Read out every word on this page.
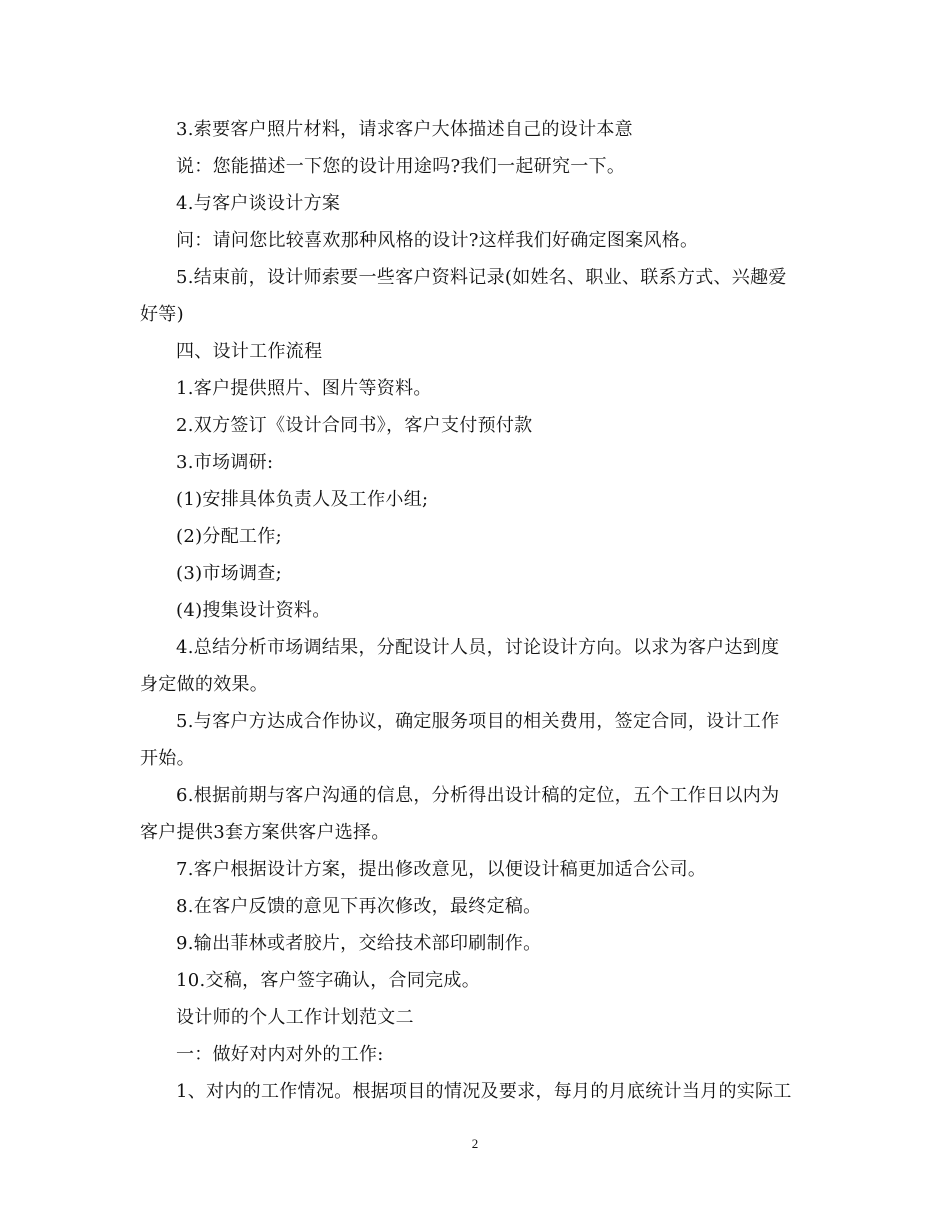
3.索要客户照片材料，请求客户大体描述自己的设计本意
说：您能描述一下您的设计用途吗?我们一起研究一下。
4.与客户谈设计方案
问：请问您比较喜欢那种风格的设计?这样我们好确定图案风格。
5.结束前，设计师索要一些客户资料记录(如姓名、职业、联系方式、兴趣爱
好等)
四、设计工作流程
1.客户提供照片、图片等资料。
2.双方签订《设计合同书》，客户支付预付款
3.市场调研:
(1)安排具体负责人及工作小组;
(2)分配工作;
(3)市场调查;
(4)搜集设计资料。
4.总结分析市场调结果，分配设计人员，讨论设计方向。以求为客户达到度
身定做的效果。
5.与客户方达成合作协议，确定服务项目的相关费用，签定合同，设计工作
开始。
6.根据前期与客户沟通的信息，分析得出设计稿的定位，五个工作日以内为
客户提供3套方案供客户选择。
7.客户根据设计方案，提出修改意见，以便设计稿更加适合公司。
8.在客户反馈的意见下再次修改，最终定稿。
9.输出菲林或者胶片，交给技术部印刷制作。
10.交稿，客户签字确认，合同完成。
设计师的个人工作计划范文二
一：做好对内对外的工作:
1、对内的工作情况。根据项目的情况及要求，每月的月底统计当月的实际工
2
